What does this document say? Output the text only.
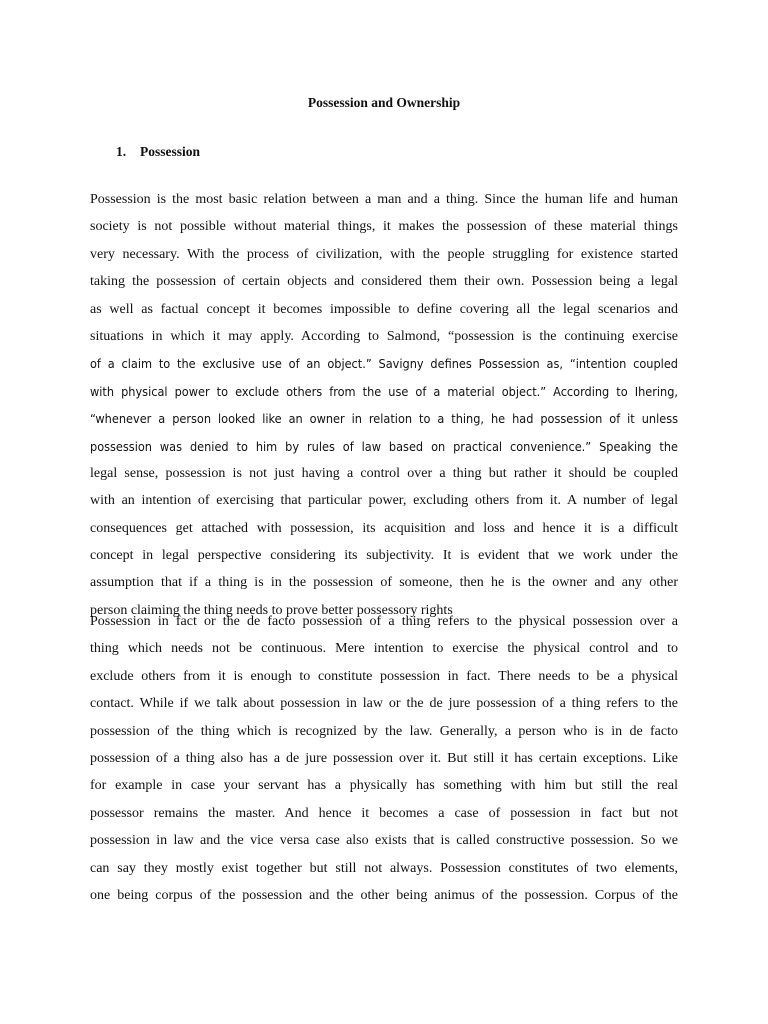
Possession and Ownership
1. Possession
Possession is the most basic relation between a man and a thing. Since the human life and human
society is not possible without material things, it makes the possession of these material things
very necessary. With the process of civilization, with the people struggling for existence started
taking the possession of certain objects and considered them their own. Possession being a legal
as well as factual concept it becomes impossible to define covering all the legal scenarios and
situations in which it may apply. According to Salmond, “possession is the continuing exercise
of a claim to the exclusive use of an object.” Savigny defines Possession as, “intention coupled
with physical power to exclude others from the use of a material object.” According to Ihering,
“whenever a person looked like an owner in relation to a thing, he had possession of it unless
possession was denied to him by rules of law based on practical convenience.” Speaking the
legal sense, possession is not just having a control over a thing but rather it should be coupled
with an intention of exercising that particular power, excluding others from it. A number of legal
consequences get attached with possession, its acquisition and loss and hence it is a difficult
concept in legal perspective considering its subjectivity. It is evident that we work under the
assumption that if a thing is in the possession of someone, then he is the owner and any other
person claiming the thing needs to prove better possessory rights
Possession in fact or the de facto possession of a thing refers to the physical possession over a
thing which needs not be continuous. Mere intention to exercise the physical control and to
exclude others from it is enough to constitute possession in fact. There needs to be a physical
contact. While if we talk about possession in law or the de jure possession of a thing refers to the
possession of the thing which is recognized by the law. Generally, a person who is in de facto
possession of a thing also has a de jure possession over it. But still it has certain exceptions. Like
for example in case your servant has a physically has something with him but still the real
possessor remains the master. And hence it becomes a case of possession in fact but not
possession in law and the vice versa case also exists that is called constructive possession. So we
can say they mostly exist together but still not always. Possession constitutes of two elements,
one being corpus of the possession and the other being animus of the possession. Corpus of the
